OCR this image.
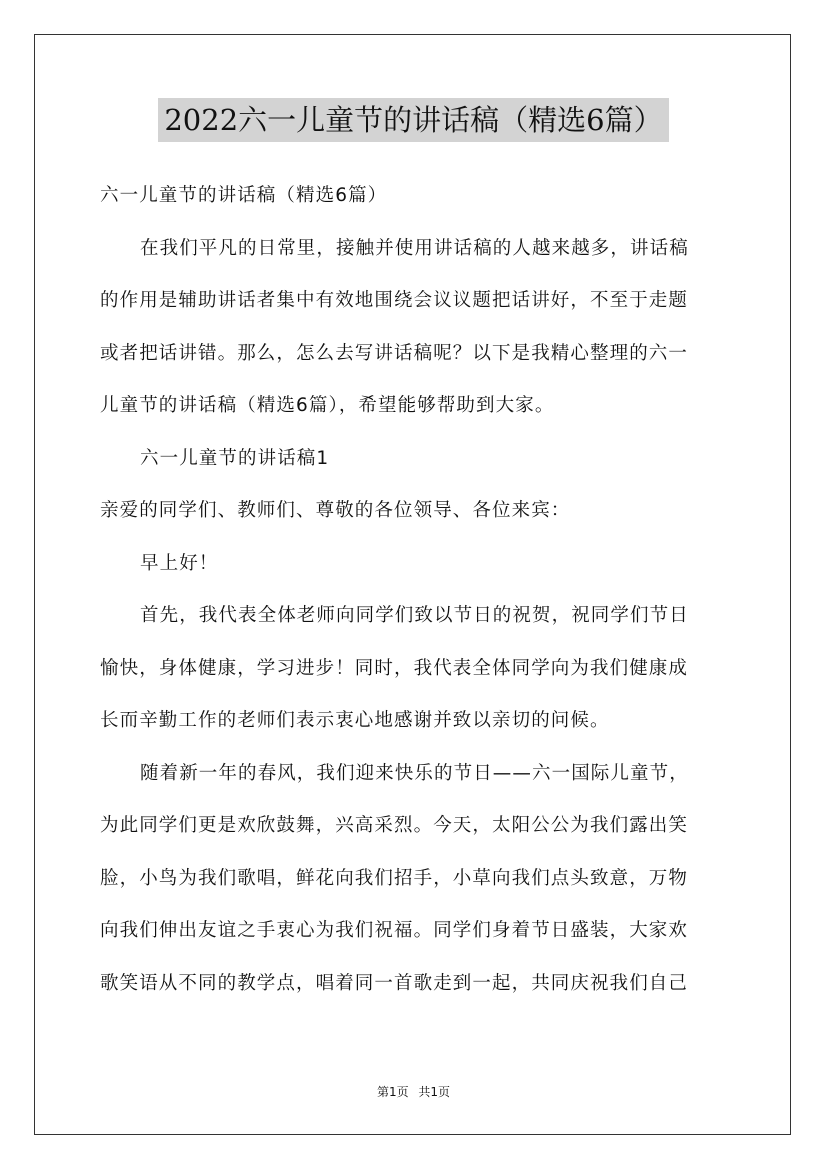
2022六一儿童节的讲话稿（精选6篇）

六一儿童节的讲话稿（精选6篇）

在我们平凡的日常里，接触并使用讲话稿的人越来越多，讲话稿

的作用是辅助讲话者集中有效地围绕会议议题把话讲好，不至于走题

或者把话讲错。那么，怎么去写讲话稿呢？以下是我精心整理的六一

儿童节的讲话稿（精选6篇），希望能够帮助到大家。

六一儿童节的讲话稿1

亲爱的同学们、教师们、尊敬的各位领导、各位来宾：

早上好！

首先，我代表全体老师向同学们致以节日的祝贺，祝同学们节日

愉快，身体健康，学习进步！同时，我代表全体同学向为我们健康成

长而辛勤工作的老师们表示衷心地感谢并致以亲切的问候。

随着新一年的春风，我们迎来快乐的节日——六一国际儿童节，

为此同学们更是欢欣鼓舞，兴高采烈。今天，太阳公公为我们露出笑

脸，小鸟为我们歌唱，鲜花向我们招手，小草向我们点头致意，万物

向我们伸出友谊之手衷心为我们祝福。同学们身着节日盛装，大家欢

歌笑语从不同的教学点，唱着同一首歌走到一起，共同庆祝我们自己

第1页 共1页
